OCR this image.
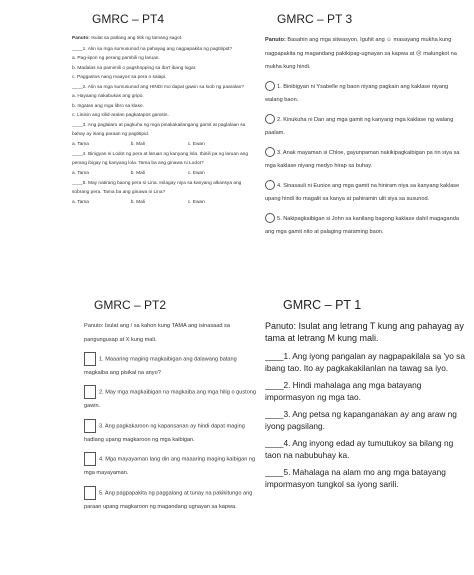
GMRC – PT4

Panuto: Isulat sa patlang ang titik ng tamang sagot.

____1. Alin sa mga sumusunod na pahayag ang nagpapakita ng pagtitipid?

a. Pag-iipon ng perang pambili ng laruan.

b. Madalas na pamimili o pagshopping sa iba't ibang lugar.

c. Paggastos nang maayos sa pera o salapi.

____2. Alin sa mga sumusunod ang HINDI mo dapat gawin sa loob ng paaralan?

a. Hayaang nakabukas ang gripo.

b. Ingatan ang mga libro sa klase.

c. Linisin ang silid-aralan pagkatapos gamitin.

____3. Ang paglalaro at pagkuha ng mga pinakakailangang gamit at paglalaan sa bahay ay isang paraan ng pagtitipid.

a. Tama	b. Mali	c. Ewan

____4. Binigyan si Lodot ng pera at laruan ng kanyang lola. Ibinili pa ng laruan ang perang ibigay ng kanyang lola. Tama ba ang ginawa ni Lodot?

a. Tama	b. Mali	c. Ewan

____5. May natirang baong pera si Lina. Inilagay niya sa kanyang alkansya ang sobrang pera. Tama ba ang ginawa ni Lina?

a. Tama	b. Mali	c. Ewan
GMRC – PT 3

Panuto: Basahin ang mga sitwasyon. Iguhit ang ☺ masayang mukha kung nagpapakita ng magandang pakikipag-ugnayan sa kapwa at ☹ malungkot na mukha kung hindi.

1. Binibigyan ni Ysabelle ng baon niyang pagkain ang kaklase niyang walang baon.

2. Kinukuha ni Dan ang mga gamit ng kanyang mga kaklase ng walang paalam.

3. Anak mayaman si Chloe, gayunpaman nakikipagkaibigan pa rin siya sa mga kaklase niyang medyo hirap sa buhay.

4. Sinasauli ni Eunice ang mga gamit na hiniram niya sa kanyang kaklase upang hindi ito magalit sa kanya at pahiramin ulit siya sa susunod.

5. Nakipagkaibigan si John sa kanilang bagong kaklase dahil magaganda ang mga gamit nito at palaging maraming baon.

GMRC – PT2

Panuto: Isulat ang / sa kahon kung TAMA ang isinasaad sa pangungusap at X kung mali.

1. Maaaring maging magkaibigan ang dalawang batang magkaiba ang pisikal na anyo?

2. May mga magkaibigan na magkaiba ang mga hilig o gustong gawin.

3. Ang pagkakaroon ng kapansanan ay hindi dapat maging hadlang upang magkaroon ng mga kaibigan.

4. Mga mayayaman lang din ang maaaring maging kaibigan ng mga mayayaman.

5. Ang pagpapakita ng paggalang at tunay na pakikitungo ang paraan upang magkaroon ng magandang ugnayan sa kapwa.

GMRC – PT 1

Panuto: Isulat ang letrang T kung ang pahayag ay tama at letrang M kung mali.

____1. Ang iyong pangalan ay nagpapakilala sa 'yo sa ibang tao. Ito ay pagkakakilanlan na tawag sa iyo.

____2. Hindi mahalaga ang mga batayang impormasyon ng mga tao.

____3. Ang petsa ng kapanganakan ay ang araw ng iyong pagsilang.

____4. Ang inyong edad ay tumutukoy sa bilang ng taon na nabubuhay ka.

____5. Mahalaga na alam mo ang mga batayang impormasyon tungkol sa iyong sarili.
